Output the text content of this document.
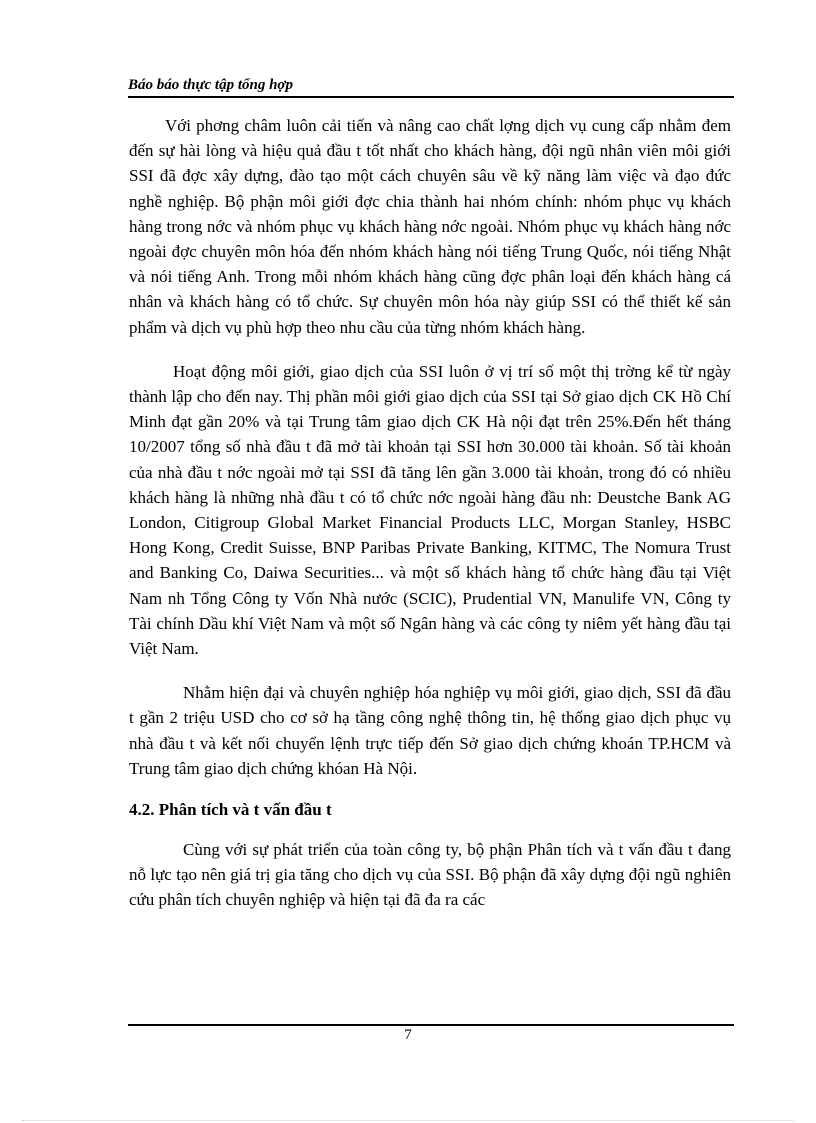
Báo báo thực tập tổng hợp

Với phơng châm luôn cải tiến và nâng cao chất lợng dịch vụ cung cấp nhằm đem đến sự hài lòng và hiệu quả đầu t tốt nhất cho khách hàng, đội ngũ nhân viên môi giới SSI đã đợc xây dựng, đào tạo một cách chuyên sâu về kỹ năng làm việc và đạo đức nghề nghiệp. Bộ phận môi giới đợc chia thành hai nhóm chính: nhóm phục vụ khách hàng trong nớc và nhóm phục vụ khách hàng nớc ngoài. Nhóm phục vụ khách hàng nớc ngoài đợc chuyên môn hóa đến nhóm khách hàng nói tiếng Trung Quốc, nói tiếng Nhật và nói tiếng Anh. Trong mỗi nhóm khách hàng cũng đợc phân loại đến khách hàng cá nhân và khách hàng có tổ chức. Sự chuyên môn hóa này giúp SSI có thể thiết kế sản phẩm và dịch vụ phù hợp theo nhu cầu của từng nhóm khách hàng.

Hoạt động môi giới, giao dịch của SSI luôn ở vị trí số một thị trờng kể từ ngày thành lập cho đến nay. Thị phần môi giới giao dịch của SSI tại Sở giao dịch CK Hồ Chí Minh đạt gần 20% và tại Trung tâm giao dịch CK Hà nội đạt trên 25%.Đến hết tháng 10/2007 tổng số nhà đầu t đã mở tài khoản tại SSI hơn 30.000 tài khoản. Số tài khoản của nhà đầu t nớc ngoài mở tại SSI đã tăng lên gần 3.000 tài khoản, trong đó có nhiều khách hàng là những nhà đầu t có tổ chức nớc ngoài hàng đầu nh: Deustche Bank AG London, Citigroup Global Market Financial Products LLC, Morgan Stanley, HSBC Hong Kong, Credit Suisse, BNP Paribas Private Banking, KITMC, The Nomura Trust and Banking Co, Daiwa Securities... và một số khách hàng tổ chức hàng đầu tại Việt Nam nh Tổng Công ty Vốn Nhà nước (SCIC), Prudential VN, Manulife VN, Công ty Tài chính Dầu khí Việt Nam và một số Ngân hàng và các công ty niêm yết hàng đầu tại Việt Nam.

Nhằm hiện đại và chuyên nghiệp hóa nghiệp vụ môi giới, giao dịch, SSI đã đầu t gần 2 triệu USD cho cơ sở hạ tầng công nghệ thông tin, hệ thống giao dịch phục vụ nhà đầu t và kết nối chuyển lệnh trực tiếp đến Sở giao dịch chứng khoán TP.HCM và Trung tâm giao dịch chứng khóan Hà Nội.

4.2. Phân tích và t vấn đầu t

Cùng với sự phát triển của toàn công ty, bộ phận Phân tích và t vấn đầu t đang nỗ lực tạo nên giá trị gia tăng cho dịch vụ của SSI. Bộ phận đã xây dựng đội ngũ nghiên cứu phân tích chuyên nghiệp và hiện tại đã đa ra các

7
